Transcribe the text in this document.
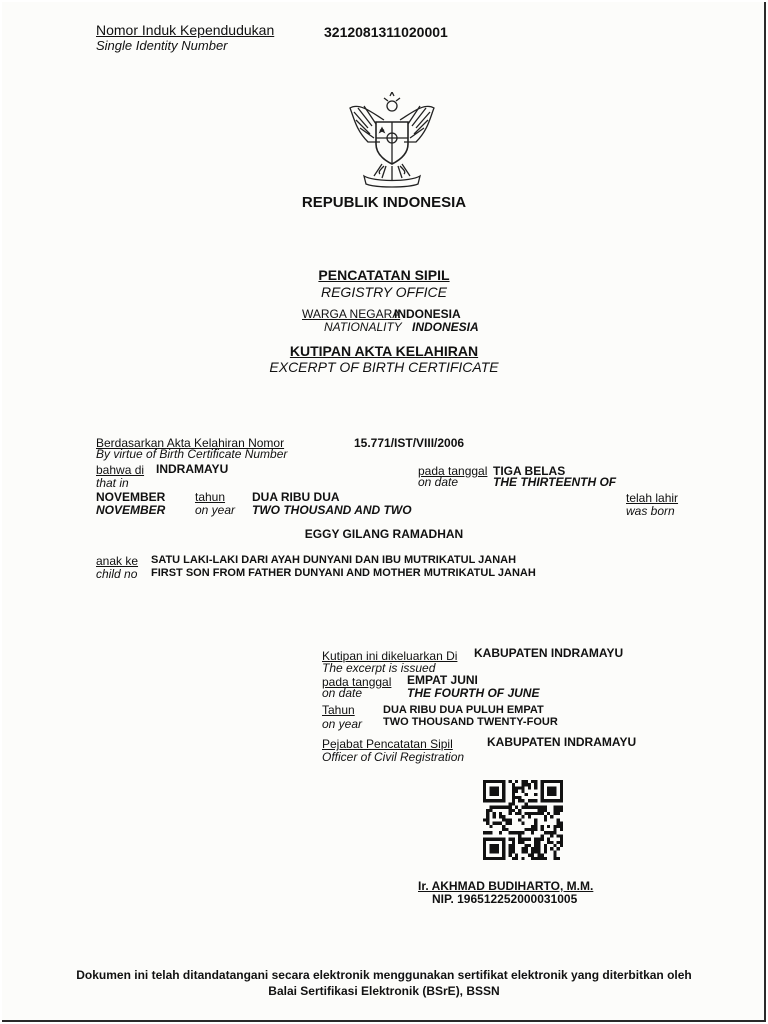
Nomor Induk Kependudukan
Single Identity Number
3212081311020001
REPUBLIK INDONESIA
PENCATATAN SIPIL
REGISTRY OFFICE
WARGA NEGARA
INDONESIA
NATIONALITY INDONESIA
KUTIPAN AKTA KELAHIRAN
EXCERPT OF BIRTH CERTIFICATE
Berdasarkan Akta Kelahiran Nomor
By virtue of Birth Certificate Number
15.771/IST/VIII/2006
bahwa di
that in
INDRAMAYU	pada tanggal
on date
TIGA BELAS
THE THIRTEENTH OF
NOVEMBER
NOVEMBER
tahun
on year
DUA RIBU DUA
TWO THOUSAND AND TWO
telah lahir
was born
EGGY GILANG RAMADHAN
anak ke
child no
SATU LAKI-LAKI DARI AYAH DUNYANI DAN IBU MUTRIKATUL JANAH
FIRST SON FROM FATHER DUNYANI AND MOTHER MUTRIKATUL JANAH
Kutipan ini dikeluarkan Di
The excerpt is issued
KABUPATEN INDRAMAYU
pada tanggal
on date
EMPAT JUNI
THE FOURTH OF JUNE
Tahun
on year
DUA RIBU DUA PULUH EMPAT
TWO THOUSAND TWENTY-FOUR
Pejabat Pencatatan Sipil
Officer of Civil Registration
KABUPATEN INDRAMAYU
Ir. AKHMAD BUDIHARTO, M.M.
NIP. 196512252000031005
Dokumen ini telah ditandatangani secara elektronik menggunakan sertifikat elektronik yang diterbitkan oleh
Balai Sertifikasi Elektronik (BSrE), BSSN
